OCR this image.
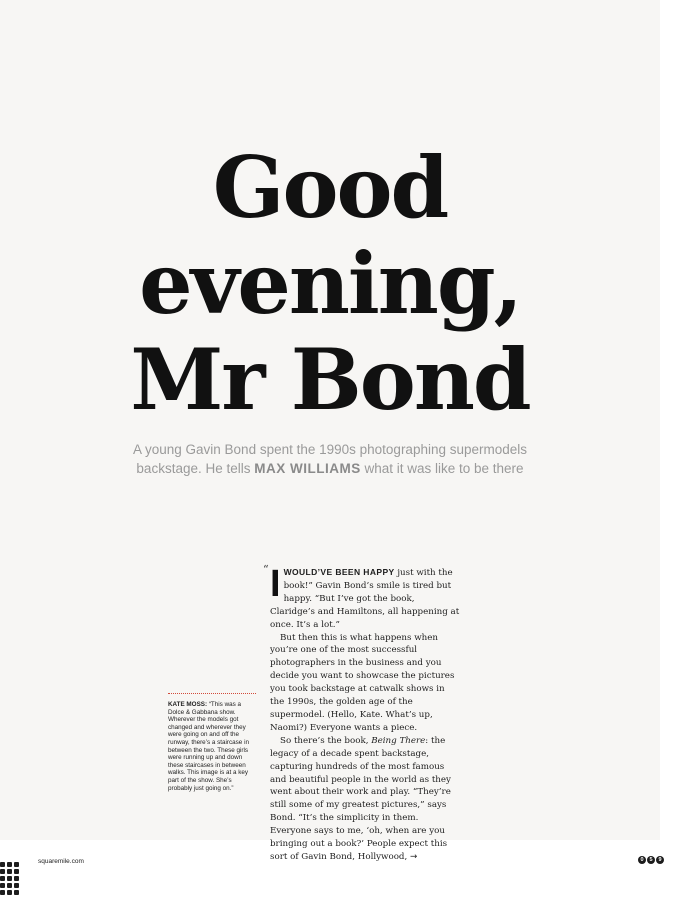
Good
evening,
Mr Bond
A young Gavin Bond spent the 1990s photographing supermodels
backstage. He tells MAX WILLIAMS what it was like to be there
KATE MOSS: “This was a Dolce & Gabbana show. Wherever the models got changed and wherever they were going on and off the runway, there’s a staircase in between the two. These girls were running up and down these staircases in between walks. This image is at a key part of the show. She’s probably just going on.”
“ IWOULD’VE BEEN HAPPY just with the book!” Gavin Bond’s smile is tired but happy. “But I’ve got the book, Claridge’s and Hamiltons, all happening at once. It’s a lot.”

But then this is what happens when you’re one of the most successful photographers in the business and you decide you want to showcase the pictures you took backstage at catwalk shows in the 1990s, the golden age of the supermodel. (Hello, Kate. What’s up, Naomi?) Everyone wants a piece.

So there’s the book, Being There: the legacy of a decade spent backstage, capturing hundreds of the most famous and beautiful people in the world as they went about their work and play. “They’re still some of my greatest pictures,” says Bond. “It’s the simplicity in them. Everyone says to me, ‘oh, when are you bringing out a book?’ People expect this sort of Gavin Bond, Hollywood, →

squaremile.com	0	5	9
